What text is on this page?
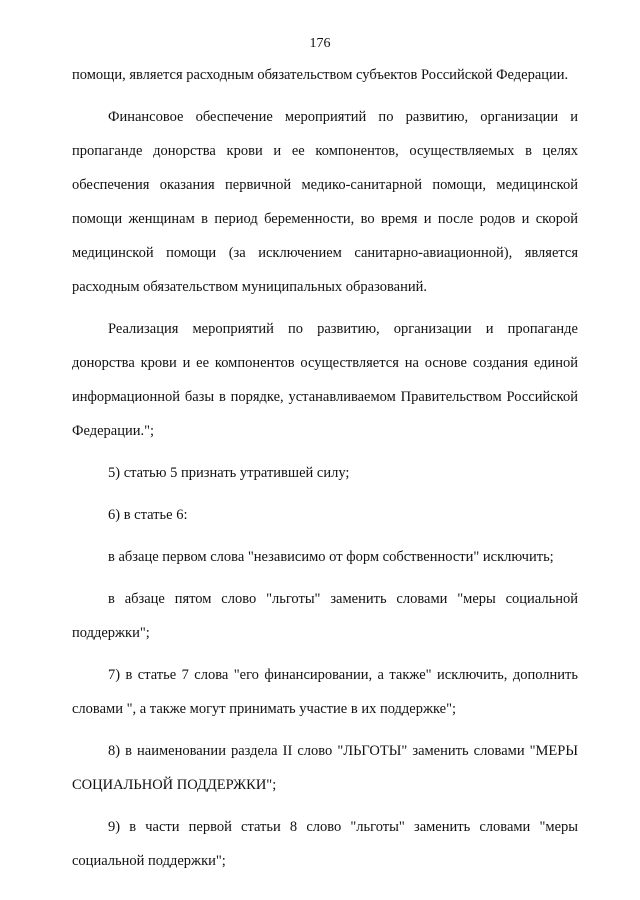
176

помощи, является расходным обязательством субъектов Российской Федерации.

Финансовое обеспечение мероприятий по развитию, организации и пропаганде донорства крови и ее компонентов, осуществляемых в целях обеспечения оказания первичной медико-санитарной помощи, медицинской помощи женщинам в период беременности, во время и после родов и скорой медицинской помощи (за исключением санитарно-авиационной), является расходным обязательством муниципальных образований.

Реализация мероприятий по развитию, организации и пропаганде донорства крови и ее компонентов осуществляется на основе создания единой информационной базы в порядке, устанавливаемом Правительством Российской Федерации.";

5) статью 5 признать утратившей силу;

6) в статье 6:

в абзаце первом слова "независимо от форм собственности" исключить;

в абзаце пятом слово "льготы" заменить словами "меры социальной поддержки";

7) в статье 7 слова "его финансировании, а также" исключить, дополнить словами ", а также могут принимать участие в их поддержке";

8) в наименовании раздела II слово "ЛЬГОТЫ" заменить словами "МЕРЫ СОЦИАЛЬНОЙ ПОДДЕРЖКИ";

9) в части первой статьи 8 слово "льготы" заменить словами "меры социальной поддержки";
